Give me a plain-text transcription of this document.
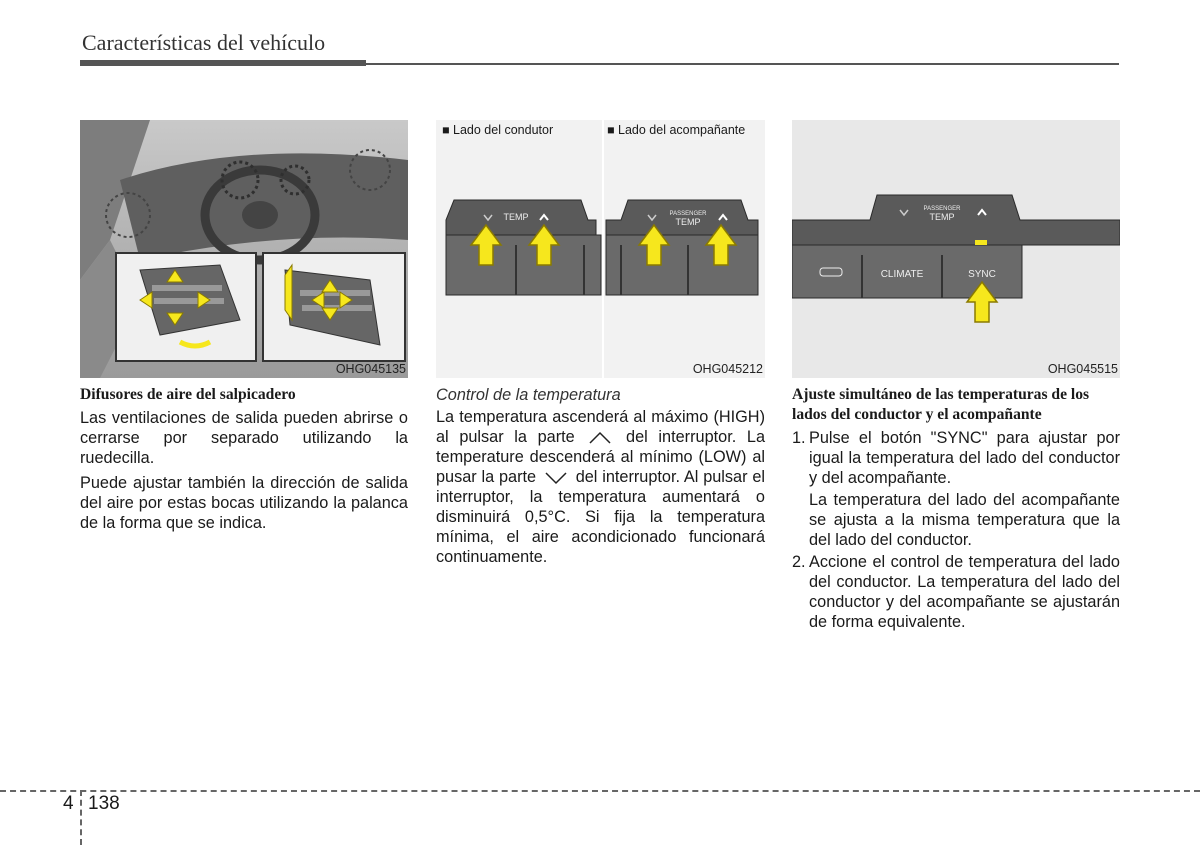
Características del vehículo
OHG045135
TEMP	PASSENGER
TEMP
■ Lado del condutor	■ Lado del acompañante
OHG045212
PASSENGER
TEMP
CLIMATE	SYNC
OHG045515
Difusores de aire del salpicadero

Las ventilaciones de salida pueden abrirse o cerrarse por separado utilizando la ruedecilla.

Puede ajustar también la dirección de salida del aire por estas bocas utilizando la palanca de la forma que se indica.

Control de la temperatura

La temperatura ascenderá al máximo (HIGH) al pulsar la parte	del interruptor. La temperature descenderá al mínimo (LOW) al pusar la parte del interruptor. Al pulsar el interruptor, la temperatura aumentará o disminuirá 0,5°C. Si fija la temperatura mínima, el aire acondicionado funcionará continuamente.

Ajuste simultáneo de las temperaturas de los lados del conductor y el acompañante
1. Pulse el botón "SYNC" para ajustar por igual la temperatura del lado del conductor y del acompañante.
La temperatura del lado del acompañante se ajusta a la misma temperatura que la del lado del conductor.
2. Accione el control de temperatura del lado del conductor. La temperatura del lado del conductor y del acompañante se ajustarán de forma equivalente.
4 138
